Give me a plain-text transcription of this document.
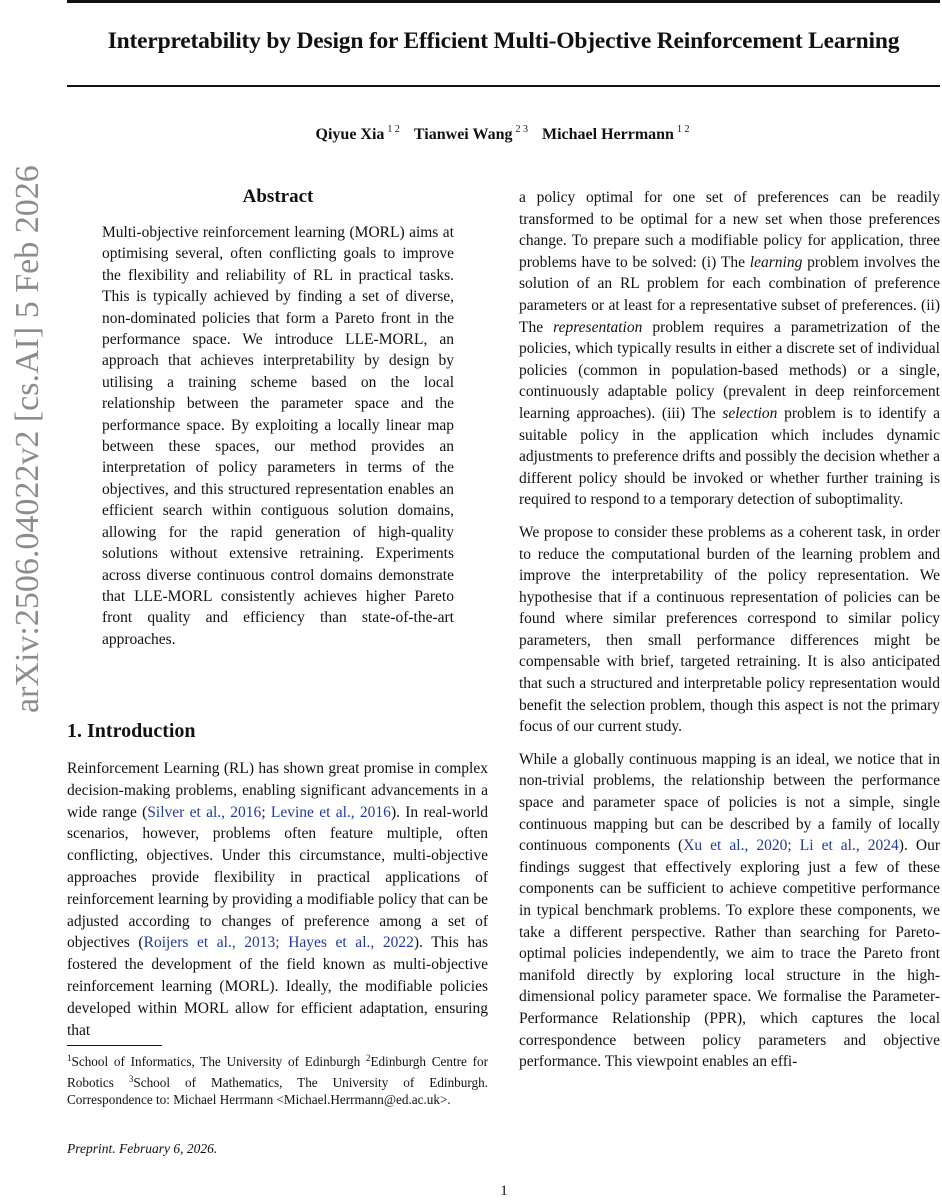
Interpretability by Design for Efficient Multi-Objective Reinforcement Learning
Qiyue Xia $^{1 2}$ Tianwei Wang $^{2 3}$ Michael Herrmann $^{1 2}$
arXiv:2506.04022v2 [cs.AI] 5 Feb 2026	Abstract
Multi-objective reinforcement learning (MORL) aims at optimising several, often conflicting goals to improve the flexibility and reliability of RL in practical tasks. This is typically achieved by finding a set of diverse, non-dominated policies that form a Pareto front in the performance space. We introduce LLE-MORL, an approach that achieves interpretability by design by utilising a training scheme based on the local relationship between the parameter space and the performance space. By exploiting a locally linear map between these spaces, our method provides an interpretation of policy parameters in terms of the objectives, and this structured representation enables an efficient search within contiguous solution domains, allowing for the rapid generation of high-quality solutions without extensive retraining. Experiments across diverse continuous control domains demonstrate that LLE-MORL consistently achieves higher Pareto front quality and efficiency than state-of-the-art approaches.
1. Introduction

Reinforcement Learning (RL) has shown great promise in complex decision-making problems, enabling significant advancements in a wide range (Silver et al., 2016; Levine et al., 2016). In real-world scenarios, however, problems often feature multiple, often conflicting, objectives. Under this circumstance, multi-objective approaches provide flexibility in practical applications of reinforcement learning by providing a modifiable policy that can be adjusted according to changes of preference among a set of objectives (Roijers et al., 2013; Hayes et al., 2022). This has fostered the development of the field known as multi-objective reinforcement learning (MORL). Ideally, the modifiable policies developed within MORL allow for efficient adaptation, ensuring that

$^1$School of Informatics, The University of Edinburgh $^2$Edinburgh Centre for Robotics $^3$School of Mathematics, The University of Edinburgh. Correspondence to: Michael Herrmann <Michael.Herrmann@ed.ac.uk>.
Preprint. February 6, 2026.

a policy optimal for one set of preferences can be readily transformed to be optimal for a new set when those preferences change. To prepare such a modifiable policy for application, three problems have to be solved: (i) The learning problem involves the solution of an RL problem for each combination of preference parameters or at least for a representative subset of preferences. (ii) The representation problem requires a parametrization of the policies, which typically results in either a discrete set of individual policies (common in population-based methods) or a single, continuously adaptable policy (prevalent in deep reinforcement learning approaches). (iii) The selection problem is to identify a suitable policy in the application which includes dynamic adjustments to preference drifts and possibly the decision whether a different policy should be invoked or whether further training is required to respond to a temporary detection of suboptimality.

We propose to consider these problems as a coherent task, in order to reduce the computational burden of the learning problem and improve the interpretability of the policy representation. We hypothesise that if a continuous representation of policies can be found where similar preferences correspond to similar policy parameters, then small performance differences might be compensable with brief, targeted retraining. It is also anticipated that such a structured and interpretable policy representation would benefit the selection problem, though this aspect is not the primary focus of our current study.

While a globally continuous mapping is an ideal, we notice that in non-trivial problems, the relationship between the performance space and parameter space of policies is not a simple, single continuous mapping but can be described by a family of locally continuous components (Xu et al., 2020; Li et al., 2024). Our findings suggest that effectively exploring just a few of these components can be sufficient to achieve competitive performance in typical benchmark problems. To explore these components, we take a different perspective. Rather than searching for Pareto-optimal policies independently, we aim to trace the Pareto front manifold directly by exploring local structure in the high-dimensional policy parameter space. We formalise the Parameter-Performance Relationship (PPR), which captures the local correspondence between policy parameters and objective performance. This viewpoint enables an effi-

1
